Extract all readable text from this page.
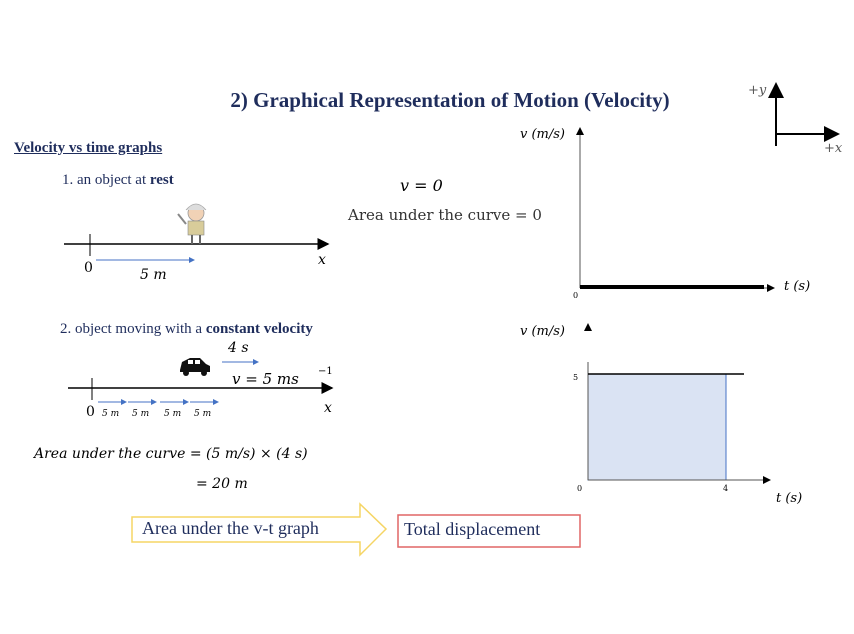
2) Graphical Representation of Motion (Velocity)
Velocity vs time graphs
1. an object at rest
2. object moving with a constant velocity
v = 0
Area under the curve = 0
Area under the curve = (5 m/s) × (4 s)
= 20 m
+y
+x
0	x
5 m
0	x
4 s
v = 5 ms −1
5 m 5 m 5 m 5 m
v (m/s)
t (s)
0
v (m/s)
5
4
0
t (s)
Area under the v-t graph	Total displacement
